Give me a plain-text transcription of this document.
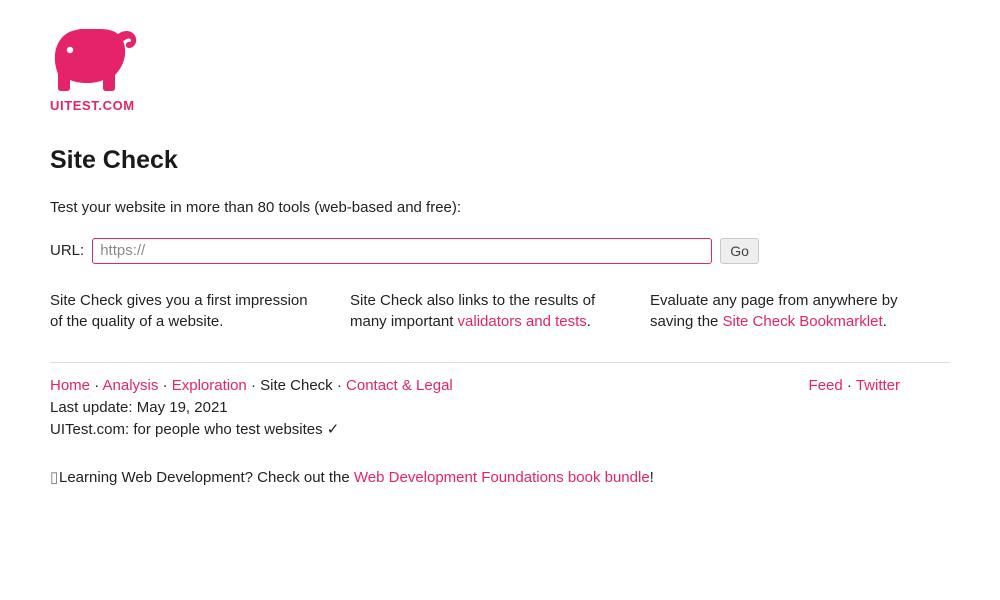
UITEST.COM
Site Check

Test your website in more than 80 tools (web-based and free):

URL:
https://	Go
Site Check gives you a first impression of the quality of a website.
Site Check also links to the results of many important validators and tests.
Evaluate any page from anywhere by saving the Site Check Bookmarklet.
Home · Analysis · Exploration · Site Check · Contact & Legal
Last update: May 19, 2021
UITest.com: for people who test websites ✓
Feed · Twitter
▯Learning Web Development? Check out the Web Development Foundations book bundle!
